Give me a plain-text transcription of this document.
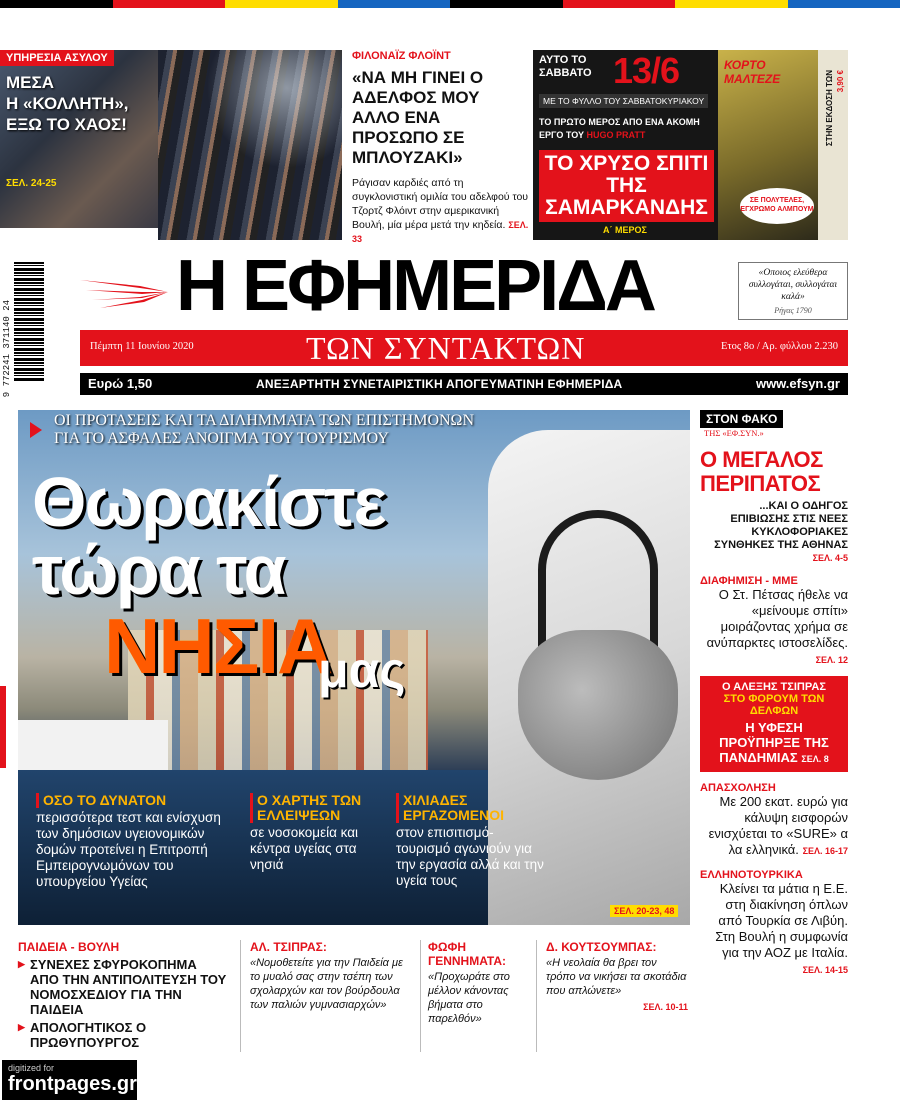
ΥΠΗΡΕΣΙΑ ΑΣΥΛΟΥ
ΜΕΣΑ
Η «ΚΟΛΛΗΤΗ»,
ΕΞΩ ΤΟ ΧΑΟΣ!
ΣΕΛ. 24-25
ΦΙΛΟΝΑΪΖ ΦΛΟΪΝΤ
«ΝΑ ΜΗ ΓΙΝΕΙ Ο ΑΔΕΛΦΟΣ ΜΟΥ ΑΛΛΟ ΕΝΑ ΠΡΟΣΩΠΟ ΣΕ ΜΠΛΟΥΖΑΚΙ»
Ράγισαν καρδιές από τη συγκλονιστική ομιλία του αδελφού του Τζορτζ Φλόιντ στην αμερικανική Βουλή, μία μέρα μετά την κηδεία. ΣΕΛ. 33
ΑΥΤΟ ΤΟ ΣΑΒΒΑΤΟ 13/6
ΜΕ ΤΟ ΦΥΛΛΟ ΤΟΥ ΣΑΒΒΑΤΟΚΥΡΙΑΚΟΥ
ΤΟ ΠΡΩΤΟ ΜΕΡΟΣ ΑΠΟ ΕΝΑ ΑΚΟΜΗ ΕΡΓΟ ΤΟΥ HUGO PRATT
ΤΟ ΧΡΥΣΟ ΣΠΙΤΙ ΤΗΣ ΣΑΜΑΡΚΑΝΔΗΣ
Α΄ ΜΕΡΟΣ
ΚΟΡΤΟ ΜΑΛΤΕΖΕ
ΣΕ ΠΟΛΥΤΕΛΕΣ, ΕΓΧΡΩΜΟ ΑΛΜΠΟΥΜ
ΣΤΗΝ ΕΚΔΟΣΗ ΤΩΝ 3,90 €
9 772241 371140 24
Η ΕΦΗΜΕΡΙΔΑ	«Οποιος ελεύθερα συλλογάται, συλλογάται καλά»
Ρήγας 1790
Πέμπτη 11 Ιουνίου 2020	ΤΩΝ ΣΥΝΤΑΚΤΩΝ	Ετος 8ο / Αρ. φύλλου 2.230
Ευρώ 1,50	ΑΝΕΞΑΡΤΗΤΗ ΣΥΝΕΤΑΙΡΙΣΤΙΚΗ ΑΠΟΓΕΥΜΑΤΙΝΗ ΕΦΗΜΕΡΙΔΑ	www.efsyn.gr
ΟΙ ΠΡΟΤΑΣΕΙΣ ΚΑΙ ΤΑ ΔΙΛΗΜΜΑΤΑ ΤΩΝ ΕΠΙΣΤΗΜΟΝΩΝ
ΓΙΑ ΤΟ ΑΣΦΑΛΕΣ ΑΝΟΙΓΜΑ ΤΟΥ ΤΟΥΡΙΣΜΟΥ
Θωρακίστε
τώρα τα
ΝΗΣΙΑ
μας
ΟΣΟ ΤΟ ΔΥΝΑΤΟΝ
περισσότερα τεστ και ενίσχυση των δημόσιων υγειονομικών δομών προτείνει η Επιτροπή Εμπειρογνωμόνων του υπουργείου Υγείας
Ο ΧΑΡΤΗΣ ΤΩΝ ΕΛΛΕΙΨΕΩΝ
σε νοσοκομεία και κέντρα υγείας στα νησιά
ΧΙΛΙΑΔΕΣ ΕΡΓΑΖΟΜΕΝΟΙ
στον επισιτισμό-τουρισμό αγωνιούν για την εργασία αλλά και την υγεία τους
ΣΕΛ. 20-23, 48
ΣΤΟΝ ΦΑΚΟ
ΤΗΣ «ΕΦ.ΣΥΝ.»
Ο ΜΕΓΑΛΟΣ ΠΕΡΙΠΑΤΟΣ
...ΚΑΙ Ο ΟΔΗΓΟΣ ΕΠΙΒΙΩΣΗΣ ΣΤΙΣ ΝΕΕΣ ΚΥΚΛΟΦΟΡΙΑΚΕΣ ΣΥΝΘΗΚΕΣ ΤΗΣ ΑΘΗΝΑΣ ΣΕΛ. 4-5
ΔΙΑΦΗΜΙΣΗ - ΜΜΕ
Ο Στ. Πέτσας ήθελε να «μείνουμε σπίτι» μοιράζοντας χρήμα σε ανύπαρκτες ιστοσελίδες. ΣΕΛ. 12
Ο ΑΛΕΞΗΣ ΤΣΙΠΡΑΣ
ΣΤΟ ΦΟΡΟΥΜ ΤΩΝ ΔΕΛΦΩΝ
Η ΥΦΕΣΗ ΠΡΟΫΠΗΡΞΕ ΤΗΣ ΠΑΝΔΗΜΙΑΣ ΣΕΛ. 8
ΑΠΑΣΧΟΛΗΣΗ
Με 200 εκατ. ευρώ για κάλυψη εισφορών ενισχύεται το «SURE» α λα ελληνικά. ΣΕΛ. 16-17
ΕΛΛΗΝΟΤΟΥΡΚΙΚΑ
Κλείνει τα μάτια η Ε.Ε. στη διακίνηση όπλων από Τουρκία σε Λιβύη. Στη Βουλή η συμφωνία για την ΑΟΖ με Ιταλία. ΣΕΛ. 14-15
ΠΑΙΔΕΙΑ - ΒΟΥΛΗ
▶ ΣΥΝΕΧΕΣ ΣΦΥΡΟΚΟΠΗΜΑ ΑΠΟ ΤΗΝ ΑΝΤΙΠΟΛΙΤΕΥΣΗ ΤΟΥ ΝΟΜΟΣΧΕΔΙΟΥ ΓΙΑ ΤΗΝ ΠΑΙΔΕΙΑ
▶ ΑΠΟΛΟΓΗΤΙΚΟΣ Ο ΠΡΩΘΥΠΟΥΡΓΟΣ
ΑΛ. ΤΣΙΠΡΑΣ:
«Νομοθετείτε για την Παιδεία με το μυαλό σας στην τσέπη των σχολαρχών και τον βούρδουλα των παλιών γυμνασιαρχών»
ΦΩΦΗ ΓΕΝΝΗΜΑΤΑ:
«Προχωράτε στο μέλλον κάνοντας βήματα στο παρελθόν»
Δ. ΚΟΥΤΣΟΥΜΠΑΣ:
«Η νεολαία θα βρει τον τρόπο να νικήσει τα σκοτάδια που απλώνετε»
ΣΕΛ. 10-11
digitized for
frontpages.gr
